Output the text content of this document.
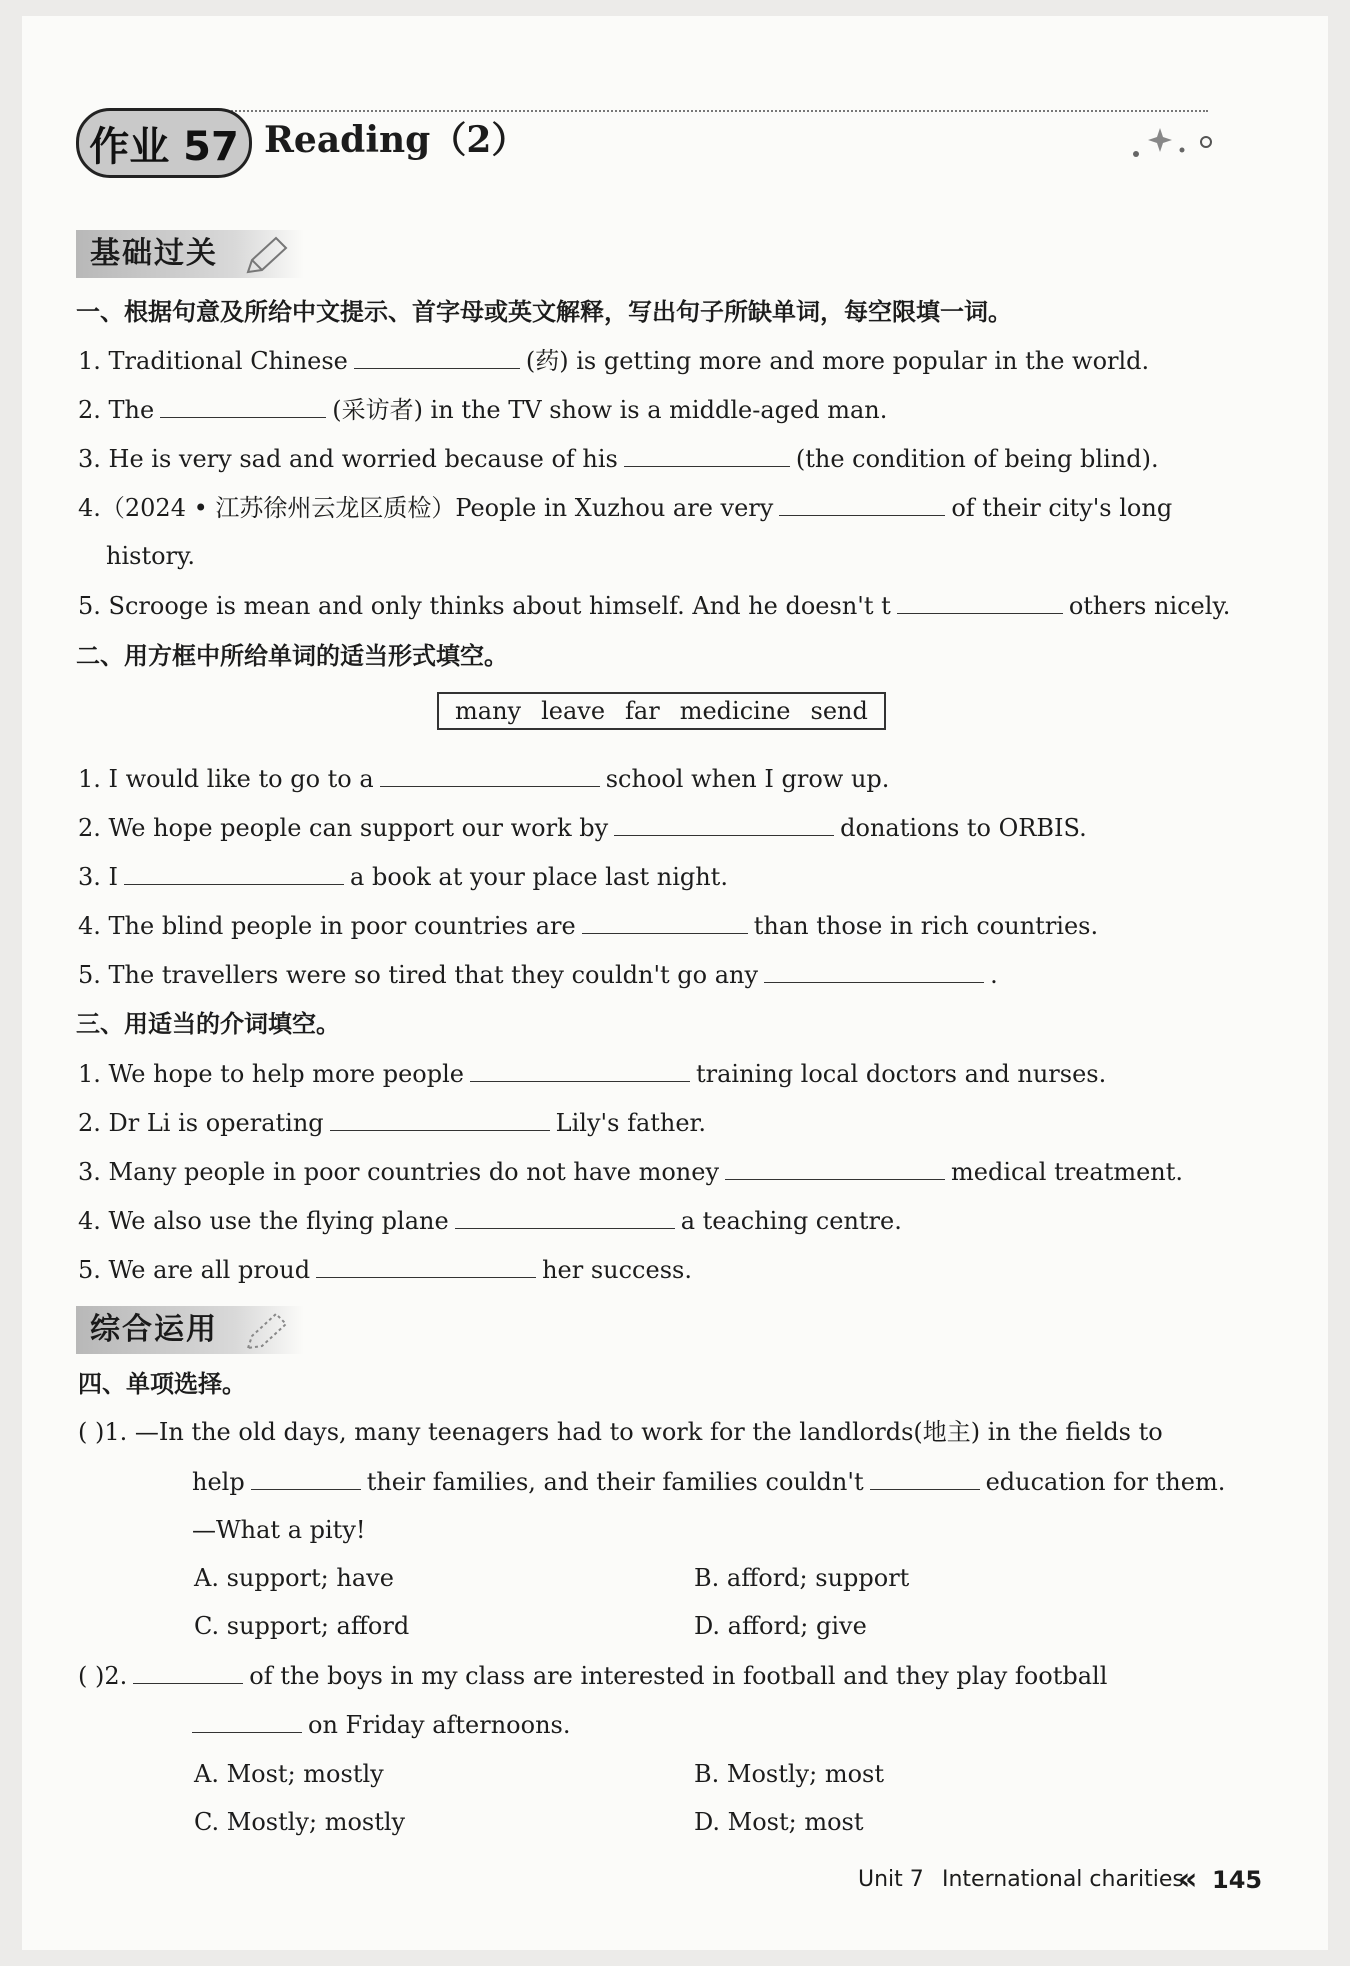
作业 57 Reading（2）
基础过关
一、根据句意及所给中文提示、首字母或英文解释，写出句子所缺单词，每空限填一词。
1. Traditional Chinese	(药) is getting more and more popular in the world.
2. The	(采访者) in the TV show is a middle-aged man.
3. He is very sad and worried because of his	(the condition of being blind).
4.（2024 • 江苏徐州云龙区质检）People in Xuzhou are very	of their city's long
history.
5. Scrooge is mean and only thinks about himself. And he doesn't t	others nicely.
二、用方框中所给单词的适当形式填空。
many leave far medicine send
1. I would like to go to a	school when I grow up.
2. We hope people can support our work by	donations to ORBIS.
3. I	a book at your place last night.
4. The blind people in poor countries are	than those in rich countries.
5. The travellers were so tired that they couldn't go any	.
三、用适当的介词填空。
1. We hope to help more people	training local doctors and nurses.
2. Dr Li is operating	Lily's father.
3. Many people in poor countries do not have money	medical treatment.
4. We also use the flying plane	a teaching centre.
5. We are all proud	her success.
综合运用
四、单项选择。
( )1. —In the old days, many teenagers had to work for the landlords(地主) in the fields to
help	their families, and their families couldn't	education for them.
—What a pity!
A. support; have	B. afford; support
C. support; afford	D. afford; give
( )2.	of the boys in my class are interested in football and they play football
on Friday afternoons.
A. Most; mostly	B. Mostly; most
C. Mostly; mostly	D. Most; most
Unit 7 International charities
« 145
